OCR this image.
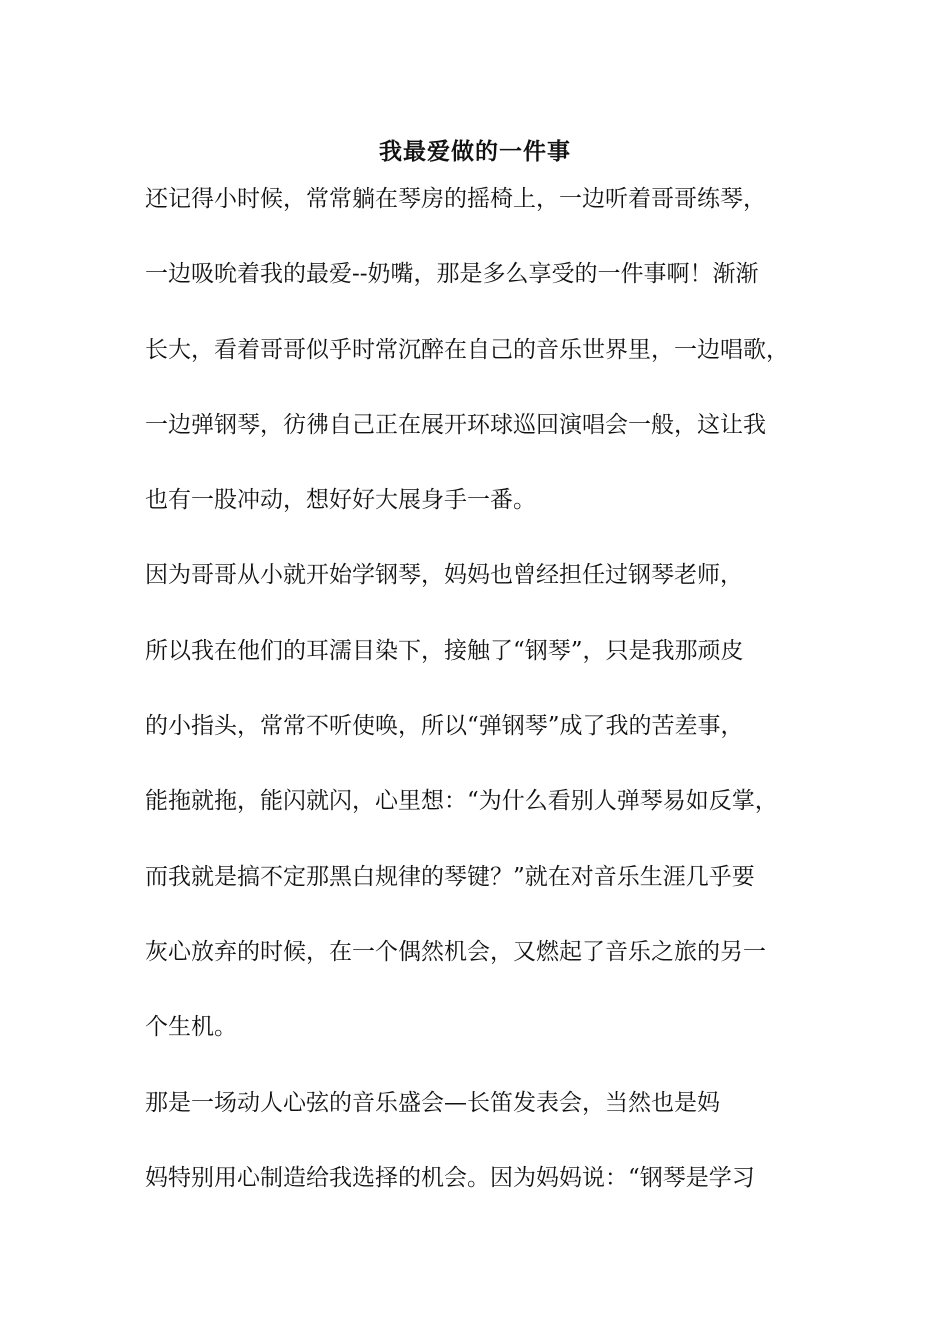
我最爱做的一件事
还记得小时候，常常躺在琴房的摇椅上，一边听着哥哥练琴，
一边吸吮着我的最爱--奶嘴，那是多么享受的一件事啊！渐渐
长大，看着哥哥似乎时常沉醉在自己的音乐世界里，一边唱歌，
一边弹钢琴，彷彿自己正在展开环球巡回演唱会一般，这让我
也有一股冲动，想好好大展身手一番。
因为哥哥从小就开始学钢琴，妈妈也曾经担任过钢琴老师，
所以我在他们的耳濡目染下，接触了“钢琴”，只是我那顽皮
的小指头，常常不听使唤，所以“弹钢琴”成了我的苦差事，
能拖就拖，能闪就闪，心里想：“为什么看别人弹琴易如反掌，
而我就是搞不定那黑白规律的琴键？”就在对音乐生涯几乎要
灰心放弃的时候，在一个偶然机会，又燃起了音乐之旅的另一
个生机。
那是一场动人心弦的音乐盛会—长笛发表会，当然也是妈
妈特别用心制造给我选择的机会。因为妈妈说：“钢琴是学习
